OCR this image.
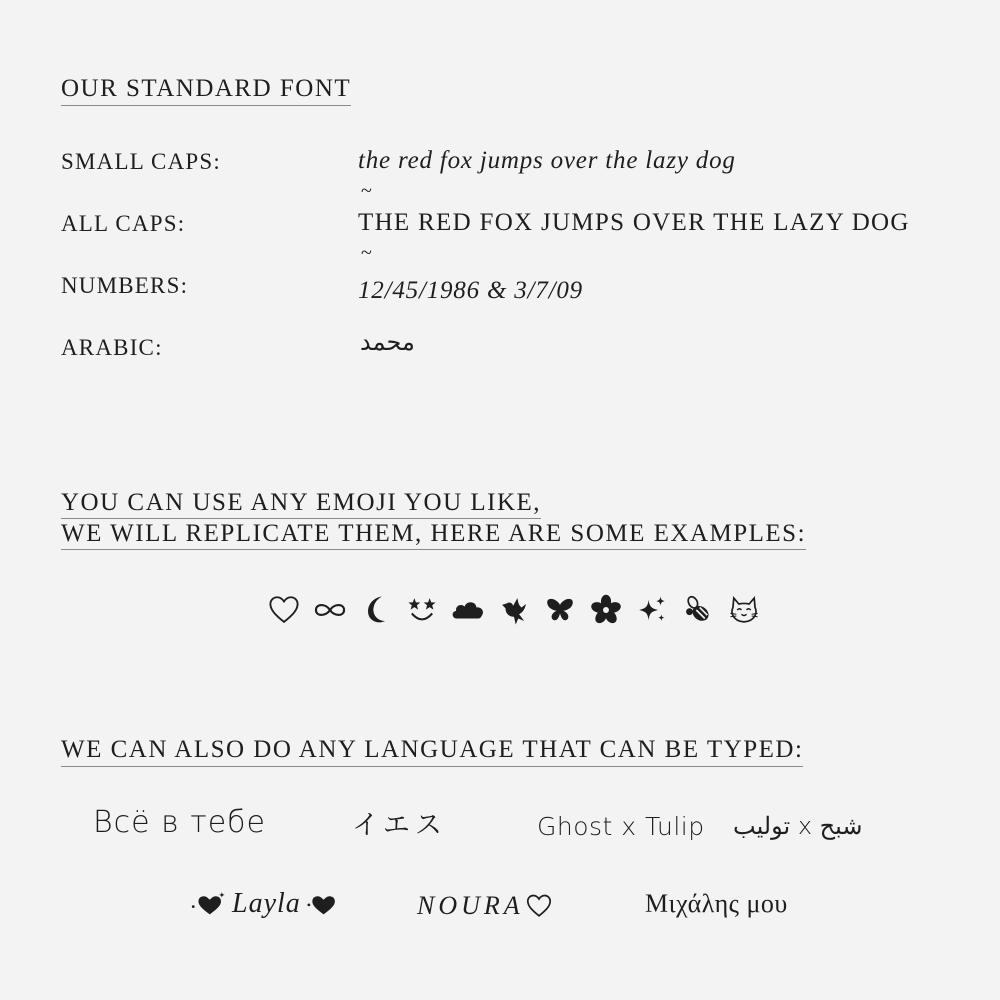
OUR STANDARD FONT
SMALL CAPS:	the red fox jumps over the lazy dog
~
ALL CAPS:	THE RED FOX JUMPS OVER THE LAZY DOG
~
NUMBERS:	12/45/1986 & 3/7/09
ARABIC:	محمد
YOU CAN USE ANY EMOJI YOU LIKE,
WE WILL REPLICATE THEM, HERE ARE SOME EXAMPLES:
WE CAN ALSO DO ANY LANGUAGE THAT CAN BE TYPED:
Всё в тебе	イエス	Ghost x Tulip شبح x توليب
Layla	NOURA	Μιχάλης μου
